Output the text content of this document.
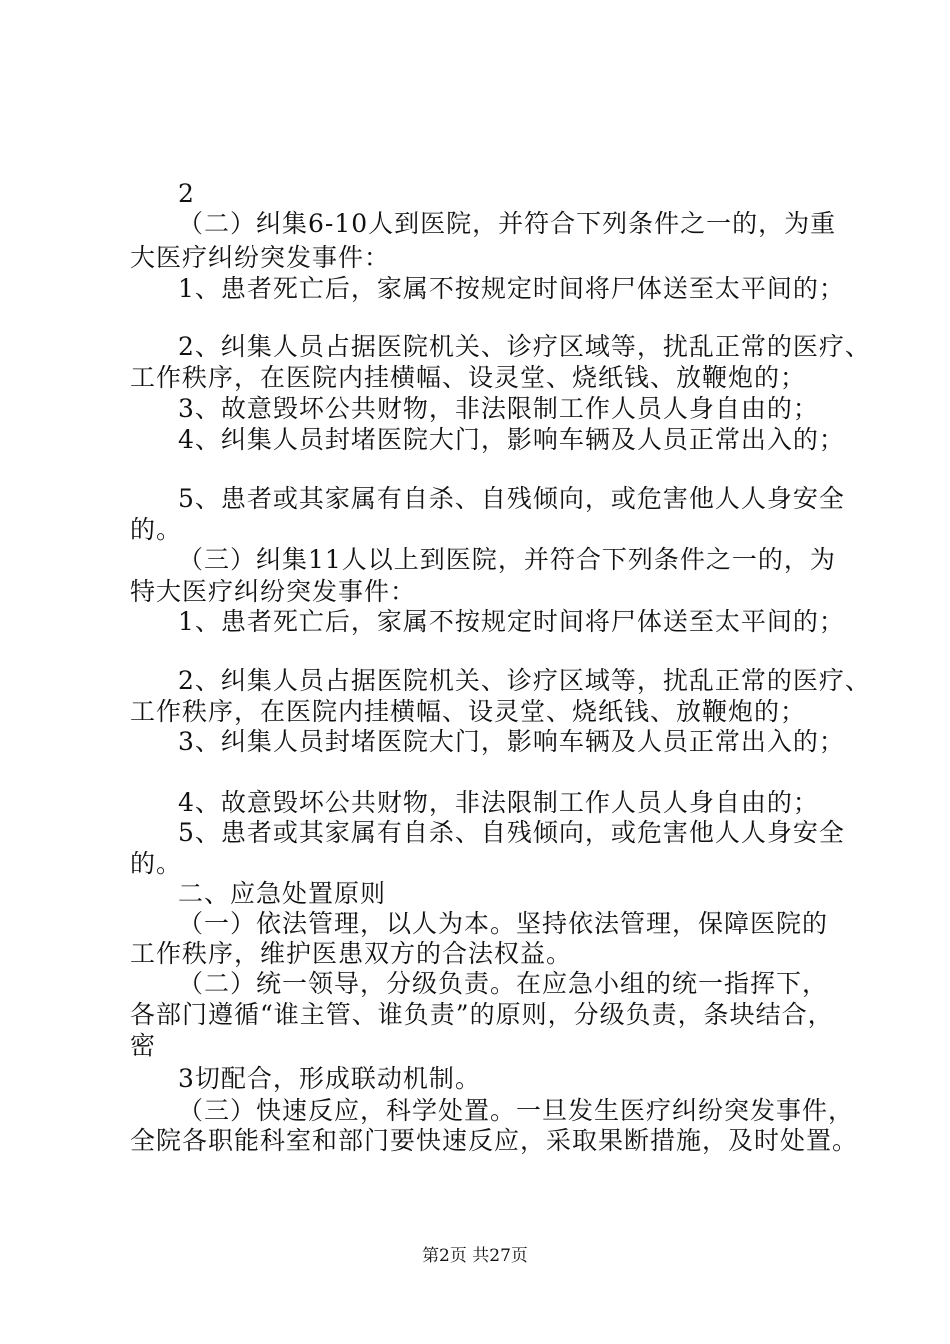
2
（二）纠集6-10人到医院，并符合下列条件之一的，为重
大医疗纠纷突发事件：
1、患者死亡后，家属不按规定时间将尸体送至太平间的；
2、纠集人员占据医院机关、诊疗区域等，扰乱正常的医疗、
工作秩序，在医院内挂横幅、设灵堂、烧纸钱、放鞭炮的；
3、故意毁坏公共财物，非法限制工作人员人身自由的；
4、纠集人员封堵医院大门，影响车辆及人员正常出入的；
5、患者或其家属有自杀、自残倾向，或危害他人人身安全
的。
（三）纠集11人以上到医院，并符合下列条件之一的，为
特大医疗纠纷突发事件：
1、患者死亡后，家属不按规定时间将尸体送至太平间的；
2、纠集人员占据医院机关、诊疗区域等，扰乱正常的医疗、
工作秩序，在医院内挂横幅、设灵堂、烧纸钱、放鞭炮的；
3、纠集人员封堵医院大门，影响车辆及人员正常出入的；
4、故意毁坏公共财物，非法限制工作人员人身自由的；
5、患者或其家属有自杀、自残倾向，或危害他人人身安全
的。
二、应急处置原则
（一）依法管理，以人为本。坚持依法管理，保障医院的
工作秩序，维护医患双方的合法权益。
（二）统一领导，分级负责。在应急小组的统一指挥下，
各部门遵循“谁主管、谁负责”的原则，分级负责，条块结合，
密
3切配合，形成联动机制。
（三）快速反应，科学处置。一旦发生医疗纠纷突发事件，
全院各职能科室和部门要快速反应，采取果断措施，及时处置。
第2页 共27页
